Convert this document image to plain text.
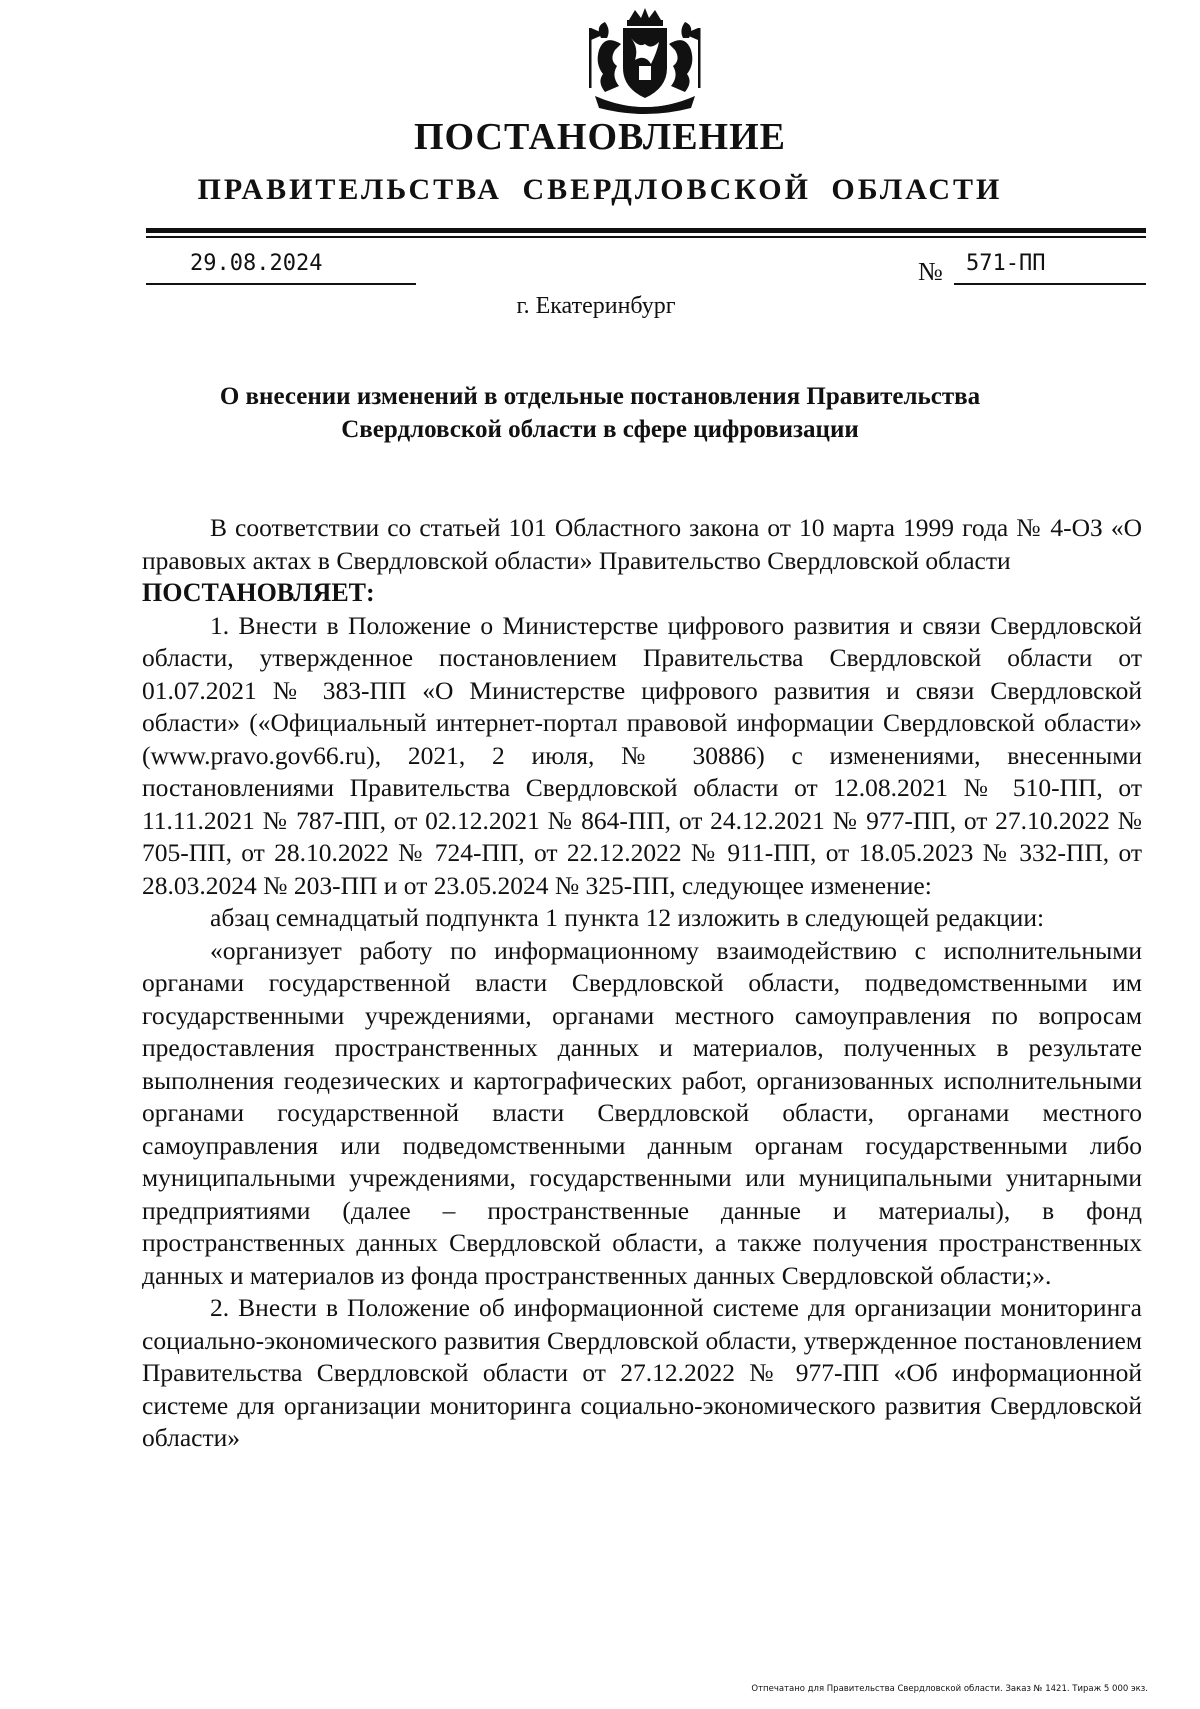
ПОСТАНОВЛЕНИЕ
ПРАВИТЕЛЬСТВА СВЕРДЛОВСКОЙ ОБЛАСТИ
29.08.2024	№ 571-ПП
г. Екатеринбург
О внесении изменений в отдельные постановления Правительства Свердловской области в сфере цифровизации

В соответствии со статьей 101 Областного закона от 10 марта 1999 года № 4-ОЗ «О правовых актах в Свердловской области» Правительство Свердловской области

ПОСТАНОВЛЯЕТ:

1. Внести в Положение о Министерстве цифрового развития и связи Свердловской области, утвержденное постановлением Правительства Свердловской области от 01.07.2021 № 383-ПП «О Министерстве цифрового развития и связи Свердловской области» («Официальный интернет-портал правовой информации Свердловской области» (www.pravo.gov66.ru), 2021, 2 июля, № 30886) с изменениями, внесенными постановлениями Правительства Свердловской области от 12.08.2021 № 510-ПП, от 11.11.2021 № 787-ПП, от 02.12.2021 № 864-ПП, от 24.12.2021 № 977-ПП, от 27.10.2022 № 705-ПП, от 28.10.2022 № 724-ПП, от 22.12.2022 № 911-ПП, от 18.05.2023 № 332-ПП, от 28.03.2024 № 203-ПП и от 23.05.2024 № 325-ПП, следующее изменение:

абзац семнадцатый подпункта 1 пункта 12 изложить в следующей редакции:

«организует работу по информационному взаимодействию с исполнительными органами государственной власти Свердловской области, подведомственными им государственными учреждениями, органами местного самоуправления по вопросам предоставления пространственных данных и материалов, полученных в результате выполнения геодезических и картографических работ, организованных исполнительными органами государственной власти Свердловской области, органами местного самоуправления или подведомственными данным органам государственными либо муниципальными учреждениями, государственными или муниципальными унитарными предприятиями (далее – пространственные данные и материалы), в фонд пространственных данных Свердловской области, а также получения пространственных данных и материалов из фонда пространственных данных Свердловской области;».

2. Внести в Положение об информационной системе для организации мониторинга социально-экономического развития Свердловской области, утвержденное постановлением Правительства Свердловской области от 27.12.2022 № 977-ПП «Об информационной системе для организации мониторинга социально-экономического развития Свердловской области»

Отпечатано для Правительства Свердловской области. Заказ № 1421. Тираж 5 000 экз.
